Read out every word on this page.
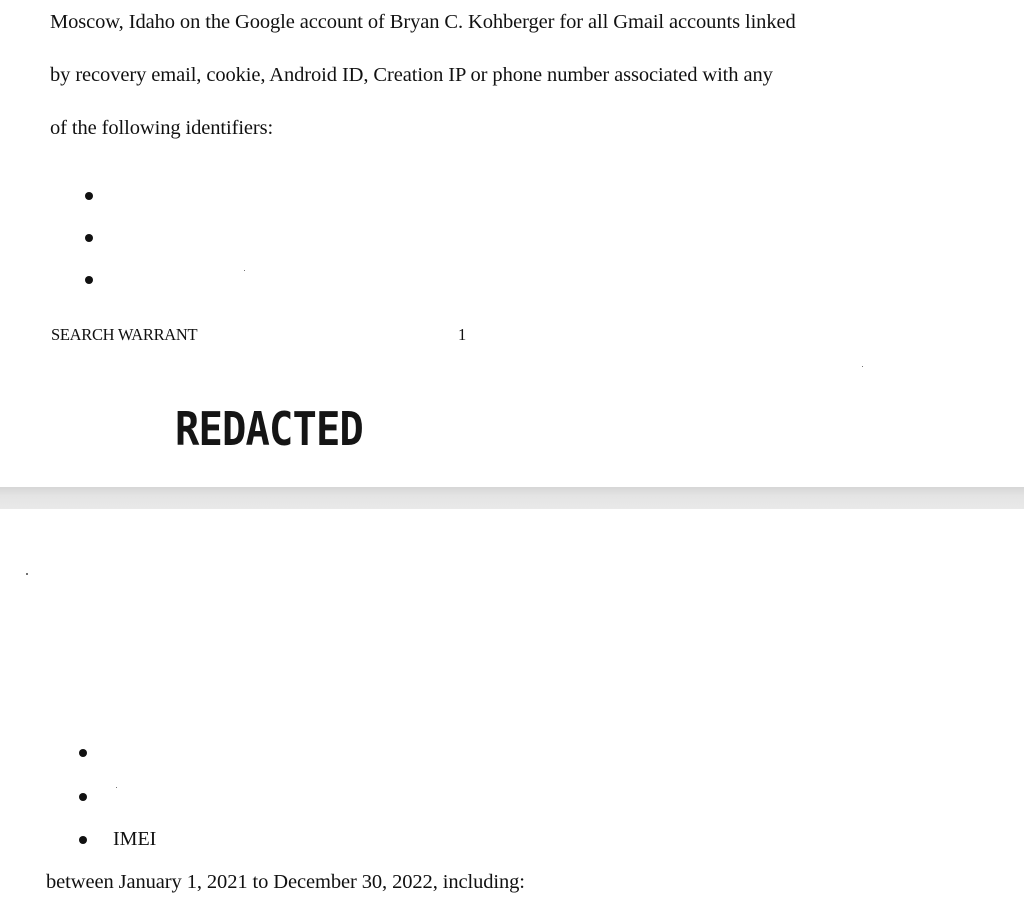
Moscow, Idaho on the Google account of Bryan C. Kohberger for all Gmail accounts linked
by recovery email, cookie, Android ID, Creation IP or phone number associated with any
of the following identifiers:
SEARCH WARRANT	1
REDACTED
IMEI
between January 1, 2021 to December 30, 2022, including:
